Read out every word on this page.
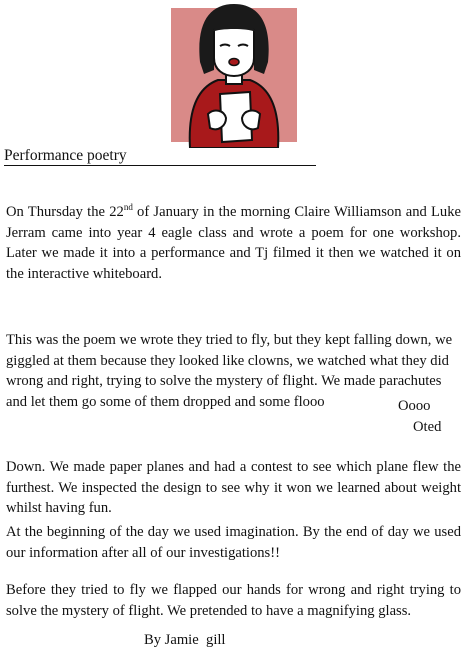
Performance poetry

On Thursday the 22nd of January in the morning Claire Williamson and Luke Jerram came into year 4 eagle class and wrote a poem for one workshop. Later we made it into a performance and Tj filmed it then we watched it on the interactive whiteboard.

This was the poem we wrote they tried to fly, but they kept falling down, we giggled at them because they looked like clowns, we watched what they did wrong and right, trying to solve the mystery of flight. We made parachutes and let them go some of them dropped and some flooo	Oooo
Oted

Down. We made paper planes and had a contest to see which plane flew the furthest. We inspected the design to see why it won we learned about weight whilst having fun.

At the beginning of the day we used imagination. By the end of day we used our information after all of our investigations!!

Before they tried to fly we flapped our hands for wrong and right trying to solve the mystery of flight. We pretended to have a magnifying glass.

By Jamie  gill
